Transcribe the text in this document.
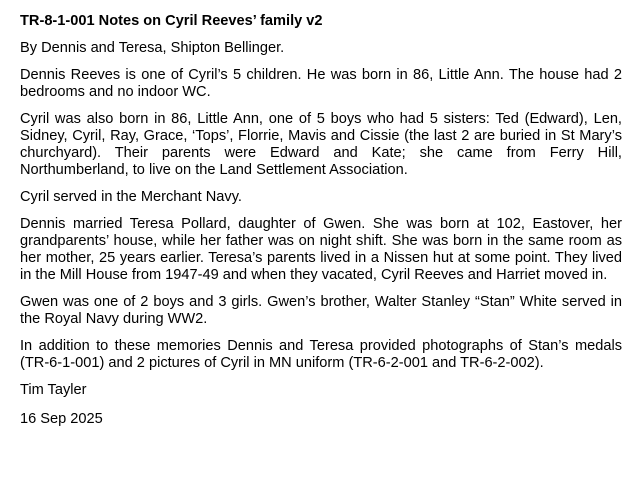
TR-8-1-001 Notes on Cyril Reeves’ family v2
By Dennis and Teresa, Shipton Bellinger.
Dennis Reeves is one of Cyril’s 5 children. He was born in 86, Little Ann. The house had 2 bedrooms and no indoor WC.
Cyril was also born in 86, Little Ann, one of 5 boys who had 5 sisters: Ted (Edward), Len, Sidney, Cyril, Ray, Grace, ‘Tops’, Florrie, Mavis and Cissie (the last 2 are buried in St Mary’s churchyard). Their parents were Edward and Kate; she came from Ferry Hill, Northumberland, to live on the Land Settlement Association.
Cyril served in the Merchant Navy.
Dennis married Teresa Pollard, daughter of Gwen. She was born at 102, Eastover, her grandparents’ house, while her father was on night shift. She was born in the same room as her mother, 25 years earlier. Teresa’s parents lived in a Nissen hut at some point. They lived in the Mill House from 1947-49 and when they vacated, Cyril Reeves and Harriet moved in.
Gwen was one of 2 boys and 3 girls. Gwen’s brother, Walter Stanley “Stan” White served in the Royal Navy during WW2.
In addition to these memories Dennis and Teresa provided photographs of Stan’s medals (TR-6-1-001) and 2 pictures of Cyril in MN uniform (TR-6-2-001 and TR-6-2-002).
Tim Tayler
16 Sep 2025
